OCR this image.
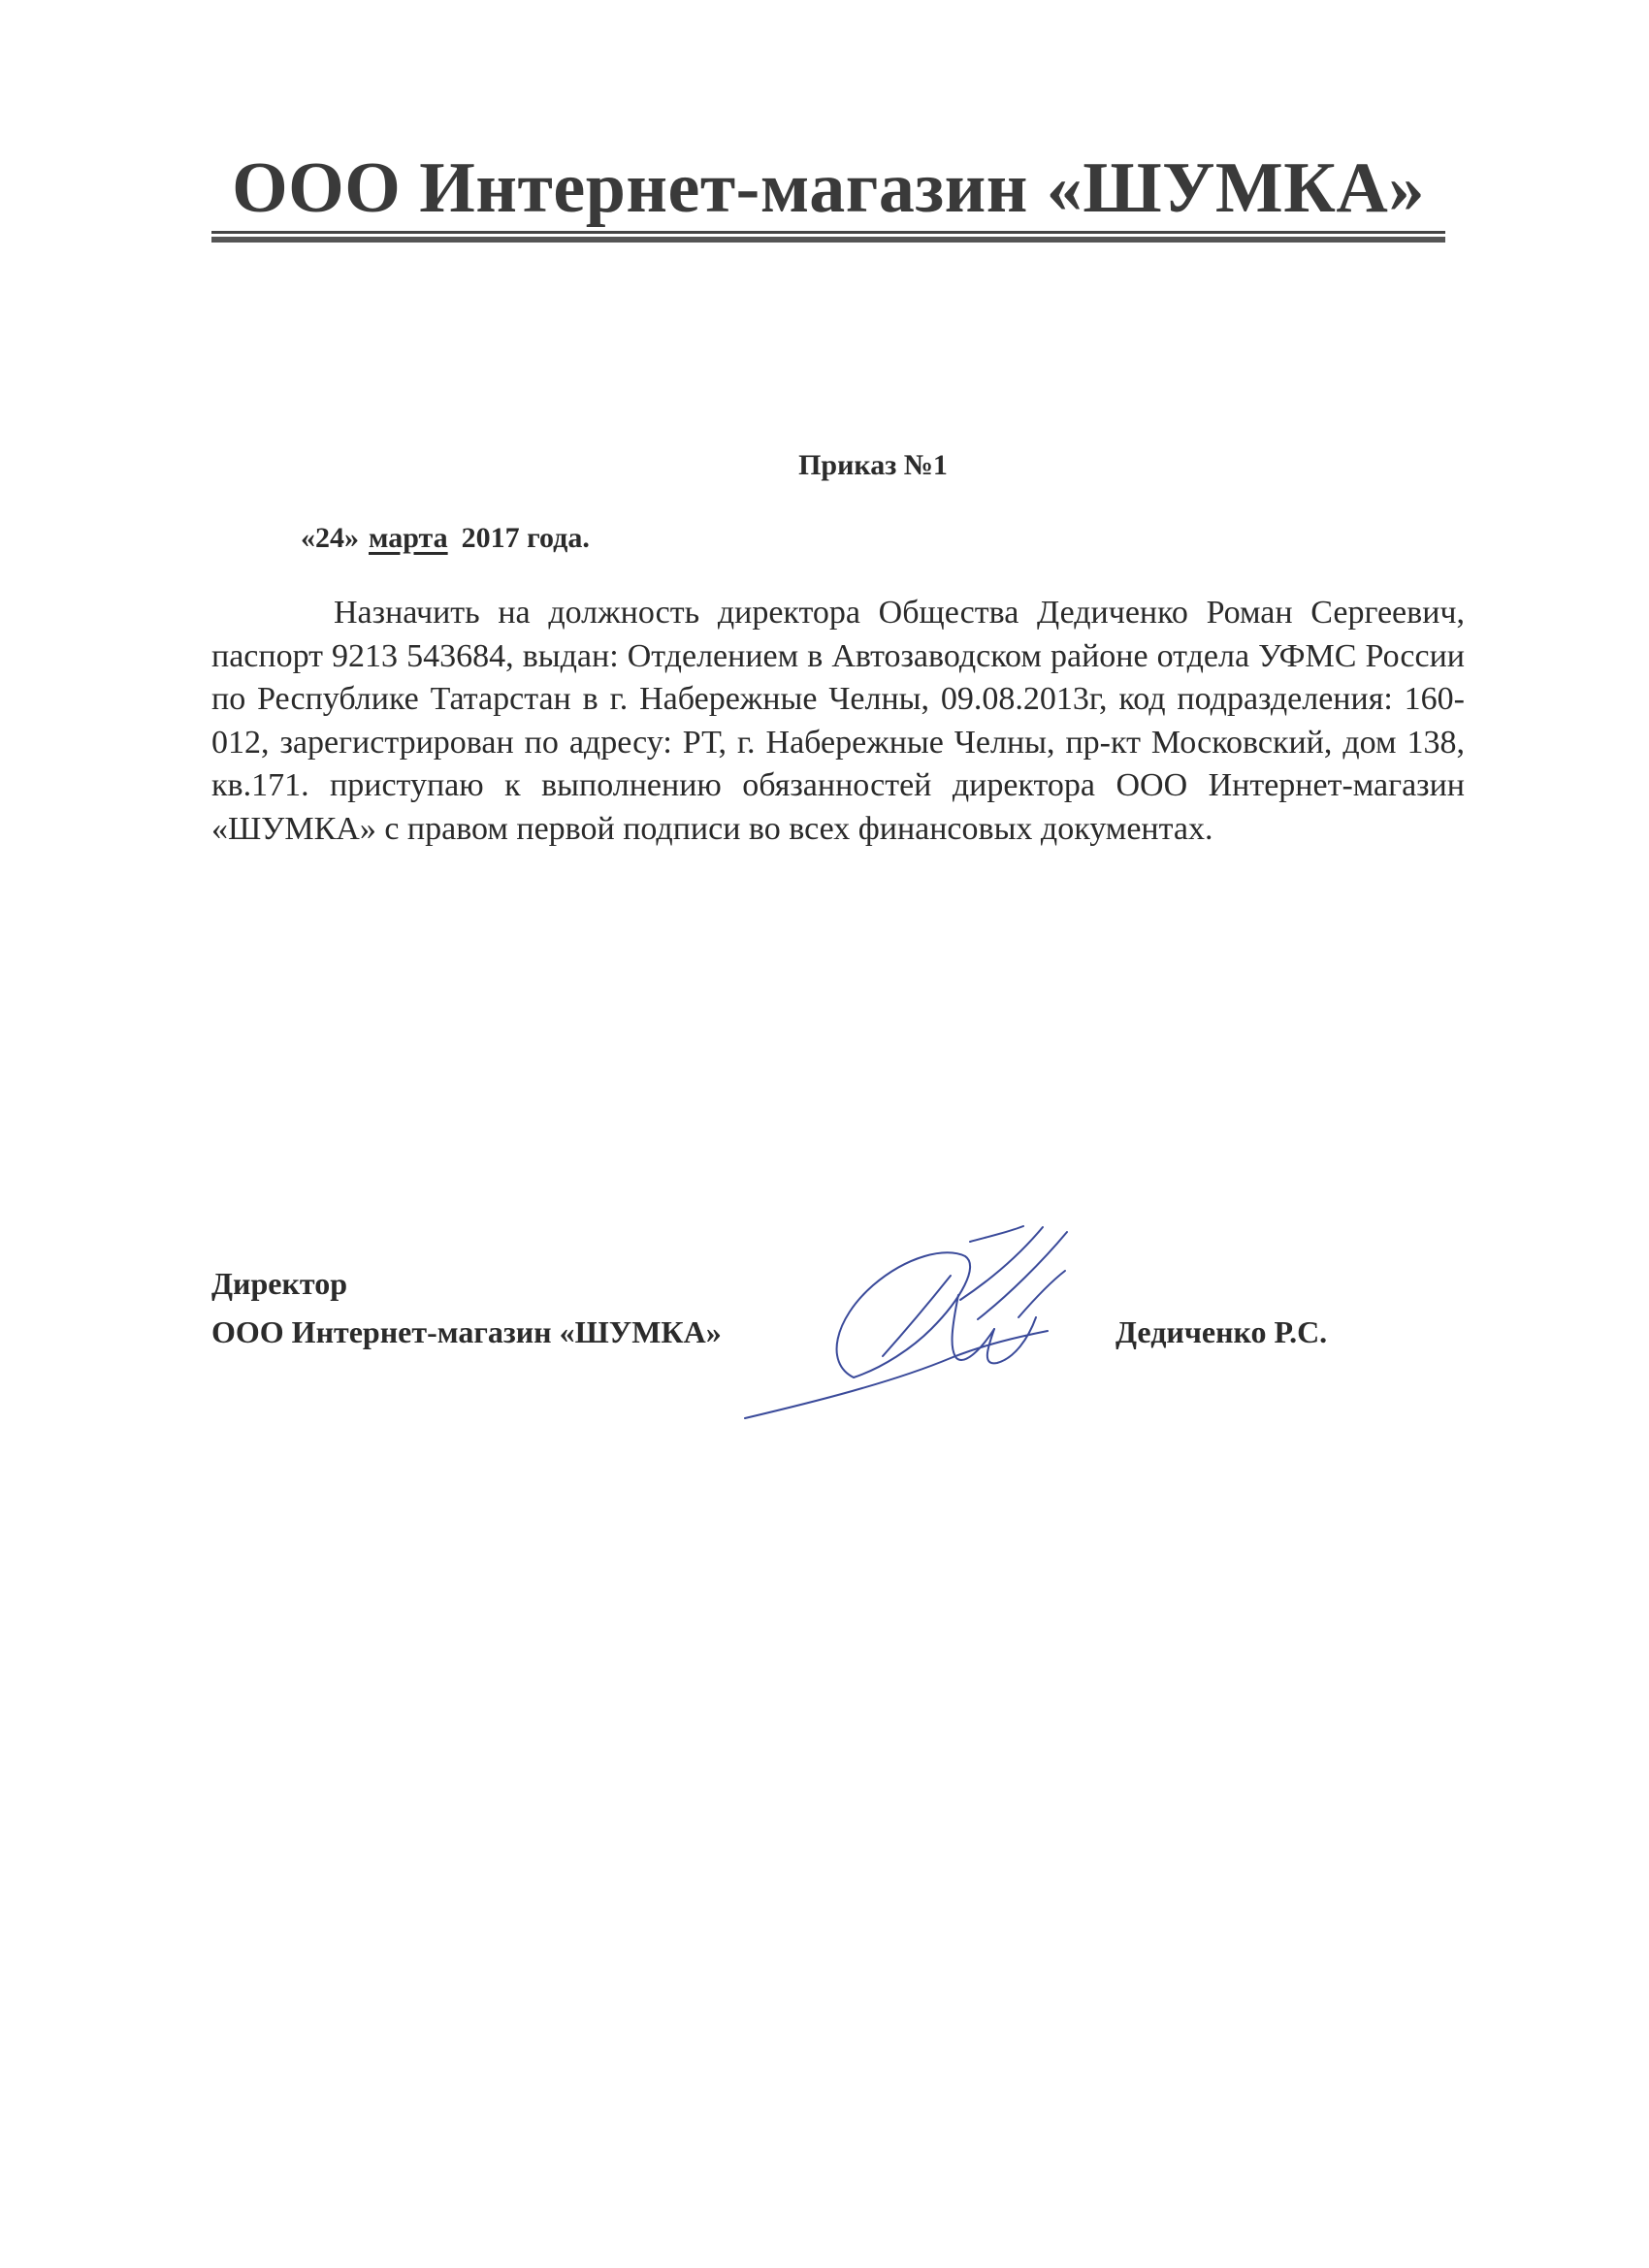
ООО Интернет-магазин «ШУМКА»
Приказ №1
«24» марта 2017 года.
Назначить на должность директора Общества Дедиченко Роман Сергеевич, паспорт 9213 543684, выдан: Отделением в Автозаводском районе отдела УФМС России по Республике Татарстан в г. Набережные Челны, 09.08.2013г, код подразделения: 160-012, зарегистрирован по адресу: РТ, г. Набережные Челны, пр-кт Московский, дом 138, кв.171. приступаю к выполнению обязанностей директора ООО Интернет-магазин «ШУМКА» с правом первой подписи во всех финансовых документах.
Директор
ООО Интернет-магазин «ШУМКА»	Дедиченко Р.С.
